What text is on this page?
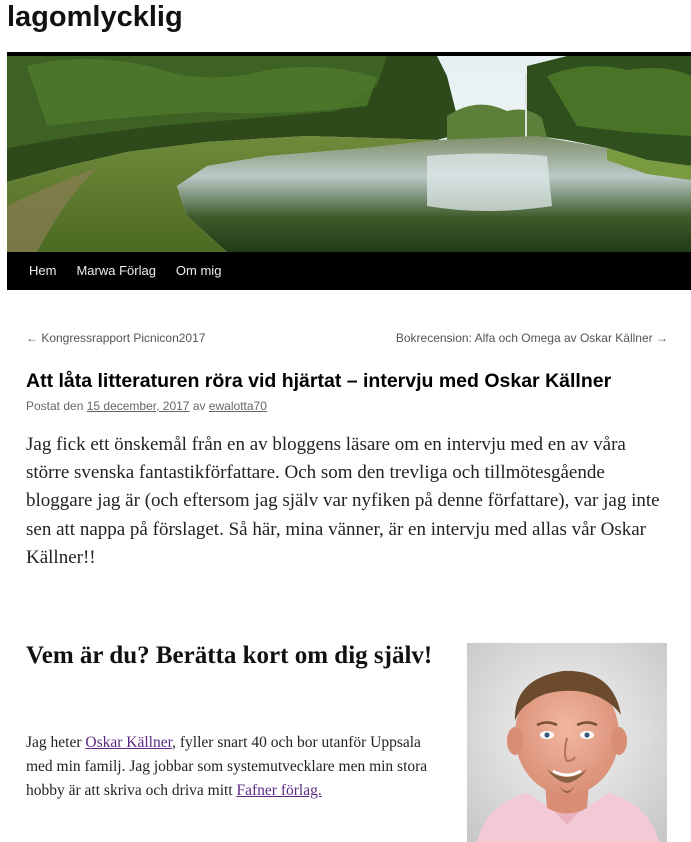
lagomlycklig
Hem	Marwa Förlag	Om mig
← Kongressrapport Picnicon2017	Bokrecension: Alfa och Omega av Oskar Källner →
Att låta litteraturen röra vid hjärtat – intervju med Oskar Källner
Postat den 15 december, 2017 av ewalotta70

Jag fick ett önskemål från en av bloggens läsare om en intervju med en av våra större svenska fantastikförfattare. Och som den trevliga och tillmötesgående bloggare jag är (och eftersom jag själv var nyfiken på denne författare), var jag inte sen att nappa på förslaget. Så här, mina vänner, är en intervju med allas vår Oskar Källner!!

Vem är du? Berätta kort om dig själv!

Jag heter Oskar Källner, fyller snart 40 och bor utanför Uppsala med min familj. Jag jobbar som systemutvecklare men min stora hobby är att skriva och driva mitt Fafner förlag.
